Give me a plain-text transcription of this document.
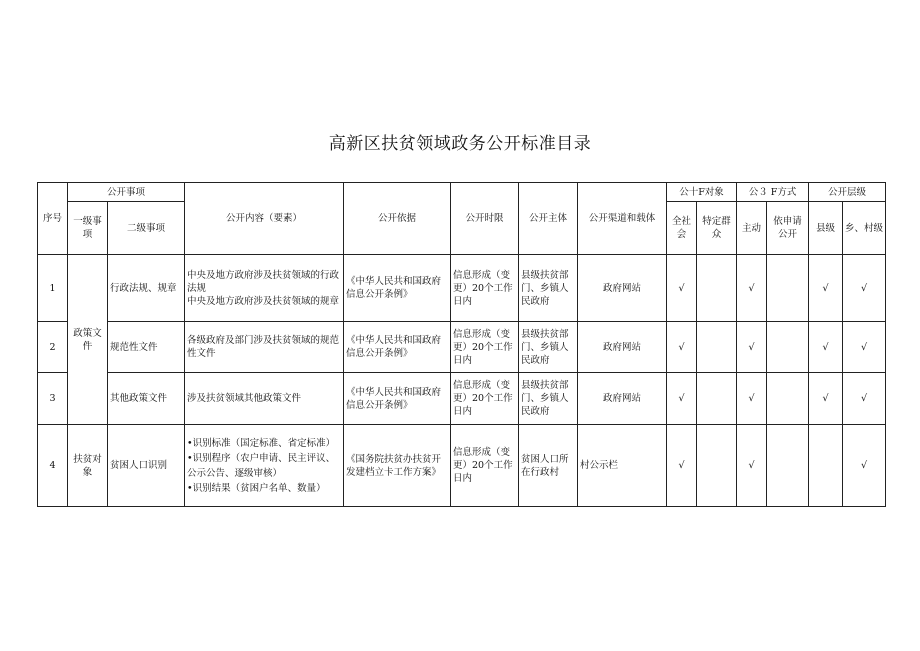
高新区扶贫领域政务公开标准目录
序号	公开事项		公开内容（要素）	公开依据	公开时限	公开主体	公开渠道和载体	公十F对象		公３ F方式		公开层级	
	一级事项	二级事项						全社会	特定群众	主动	依申请公开	县级	乡、村级
1	政策文件	行政法规、规章	中央及地方政府涉及扶贫领域的行政法规
中央及地方政府涉及扶贫领域的规章	《中华人民共和国政府信息公开条例》	信息形成（变更）20个工作日内	县级扶贫部门、乡镇人民政府	政府网站	√		√		√	√
2		规范性文件	各级政府及部门涉及扶贫领域的规范性文件	《中华人民共和国政府信息公开条例》	信息形成（变更）20个工作日内	县级扶贫部门、乡镇人民政府	政府网站	√		√		√	√
3		其他政策文件	涉及扶贫领域其他政策文件	《中华人民共和国政府信息公开条例》	信息形成（变更）20个工作日内	县级扶贫部门、乡镇人民政府	政府网站	√		√		√	√
4	扶贫对象	贫困人口识别	•识别标准（国定标准、省定标准）
•识别程序（农户申请、民主评议、公示公告、逐级审核）
•识别结果（贫困户名单、数量）	《国务院扶贫办扶贫开发建档立卡工作方案》	信息形成（变更）20个工作日内	贫困人口所在行政村	村公示栏	√		√			√
